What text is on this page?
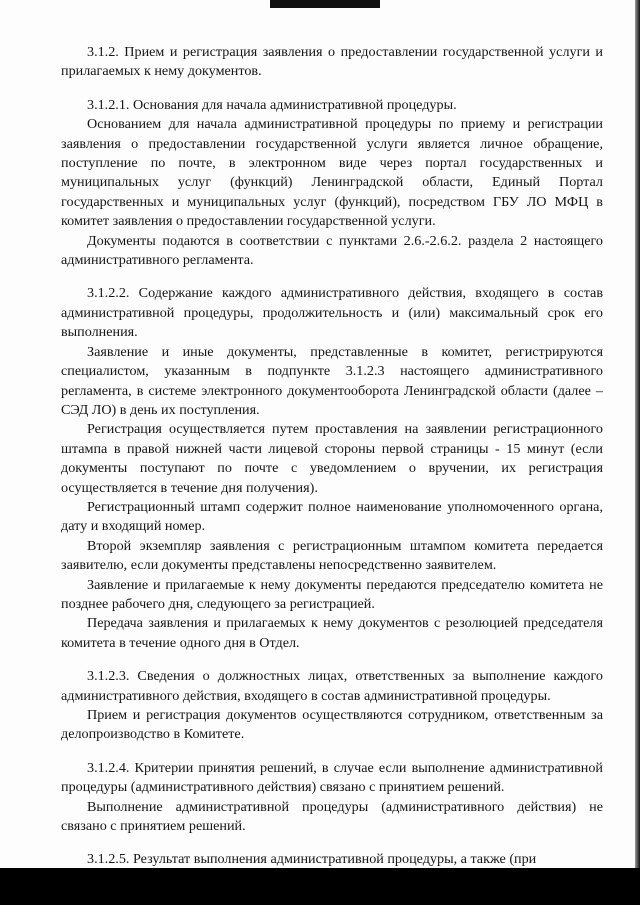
3.1.2. Прием и регистрация заявления о предоставлении государственной услуги и прилагаемых к нему документов.

3.1.2.1. Основания для начала административной процедуры.

Основанием для начала административной процедуры по приему и регистрации заявления о предоставлении государственной услуги является личное обращение, поступление по почте, в электронном виде через портал государственных и муниципальных услуг (функций) Ленинградской области, Единый Портал государственных и муниципальных услуг (функций), посредством ГБУ ЛО МФЦ в комитет заявления о предоставлении государственной услуги.

Документы подаются в соответствии с пунктами 2.6.-2.6.2. раздела 2 настоящего административного регламента.

3.1.2.2. Содержание каждого административного действия, входящего в состав административной процедуры, продолжительность и (или) максимальный срок его выполнения.

Заявление и иные документы, представленные в комитет, регистрируются специалистом, указанным в подпункте 3.1.2.3 настоящего административного регламента, в системе электронного документооборота Ленинградской области (далее – СЭД ЛО) в день их поступления.

Регистрация осуществляется путем проставления на заявлении регистрационного штампа в правой нижней части лицевой стороны первой страницы - 15 минут (если документы поступают по почте с уведомлением о вручении, их регистрация осуществляется в течение дня получения).

Регистрационный штамп содержит полное наименование уполномоченного органа, дату и входящий номер.

Второй экземпляр заявления с регистрационным штампом комитета передается заявителю, если документы представлены непосредственно заявителем.

Заявление и прилагаемые к нему документы передаются председателю комитета не позднее рабочего дня, следующего за регистрацией.

Передача заявления и прилагаемых к нему документов с резолюцией председателя комитета в течение одного дня в Отдел.

3.1.2.3. Сведения о должностных лицах, ответственных за выполнение каждого административного действия, входящего в состав административной процедуры.

Прием и регистрация документов осуществляются сотрудником, ответственным за делопроизводство в Комитете.

3.1.2.4. Критерии принятия решений, в случае если выполнение административной процедуры (административного действия) связано с принятием решений.

Выполнение административной процедуры (административного действия) не связано с принятием решений.

3.1.2.5. Результат выполнения административной процедуры, а также (при
